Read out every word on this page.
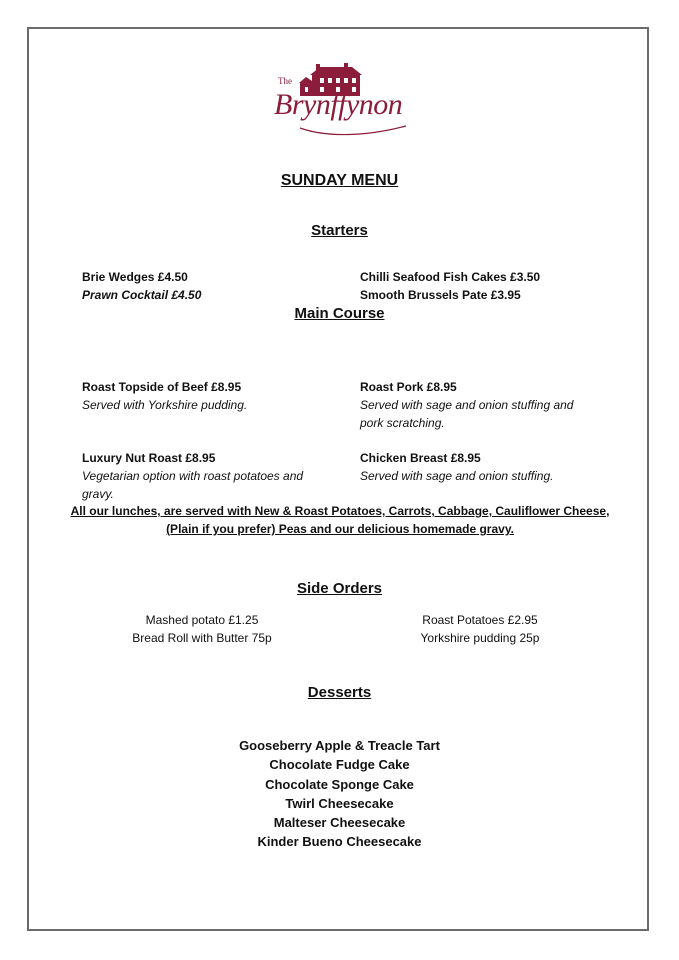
The
Brynffynon
SUNDAY MENU
Starters
Brie Wedges £4.50
Prawn Cocktail £4.50
Chilli Seafood Fish Cakes £3.50
Smooth Brussels Pate £3.95
Main Course
Roast Topside of Beef £8.95
Served with Yorkshire pudding.
Roast Pork £8.95
Served with sage and onion stuffing and pork scratching.
Luxury Nut Roast £8.95
Vegetarian option with roast potatoes and gravy.
Chicken Breast £8.95
Served with sage and onion stuffing.
All our lunches, are served with New & Roast Potatoes, Carrots, Cabbage, Cauliflower Cheese,
(Plain if you prefer) Peas and our delicious homemade gravy.
Side Orders
Mashed potato £1.25
Bread Roll with Butter 75p
Roast Potatoes £2.95
Yorkshire pudding 25p
Desserts
Gooseberry Apple & Treacle Tart
Chocolate Fudge Cake
Chocolate Sponge Cake
Twirl Cheesecake
Malteser Cheesecake
Kinder Bueno Cheesecake
